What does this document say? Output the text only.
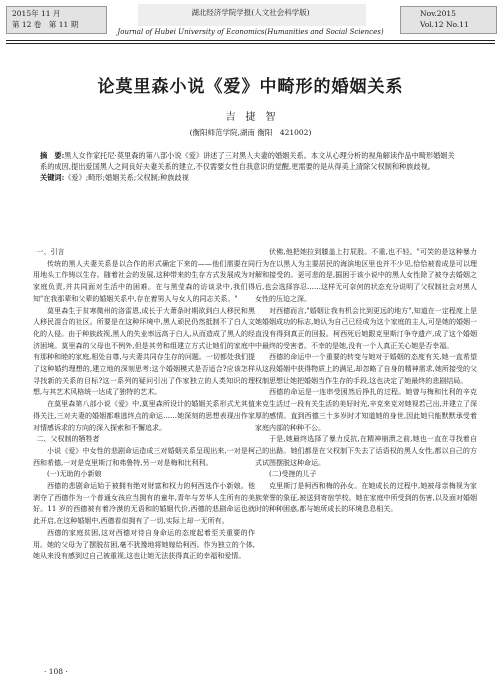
2015年 11 月
第 12 卷　第 11 期
湖北经济学院学报(人文社会科学版)
Journal of Hubei University of Economics(Humanities and Social Sciences)
Nov.2015
Vol.12 No.11
论莫里森小说《爱》中畸形的婚姻关系
吉　捷　智
(衡阳师范学院,湖南 衡阳　421002)

摘　要:黑人女作家托尼·莫里森的第八部小说《爱》讲述了三对黑人夫妻的婚姻关系。本文从心理分析的视角解读作品中畸形婚姻关系的成因,提出爱国黑人之间良好夫妻关系的建立,不仅需要女性自我意识的觉醒,更需要的是从得美上清除父权制和种族歧视。

关键词:《爱》;畸形;婚姻关系;父权制;种族歧视

一、引言

传统的黑人夫妻关系是以合作的形式确定下来的——他们需要在同用地头工作铸以生存。随着社会的发展,这种带来的生存方式发展成为对家庭负责,并共同面对生活中的困难。在与黑莹森的访谈录中,我们得知"在我那辈和父辈的婚姻关系中,存在着男人与女人的同志关系。"

莫里森生于贫寒微州的洛雷恩,成长于大萧条时期欲到白人移民和黑人移民混合的社区。所要是在这种环境中,黑人顽民仍然抵制不了白人文化的人侵。由于种族歧视,黑人的失业率远高于白人,从而造成了黑人的经济困境。莫里森的父母也不例外,但是其劳和组建立方式让她们的家庭中有那种和睦的家庭,相处自尊,与夫妻共同存生存的问题。一切都处我们提了这种婚约理想的,建立地的深刻思考:这个婚姻模式是否适合?应该怎样寻找新的关系的目标?这一系列的疑问引出了作家独立的人类知识的理想,与其艺术风格统一达成了独特的艺术。

在莫里森第八部小说《爱》中,莫里森所设计的婚姻关系形式尤其值得关注,三对夫妻的婚姻都难逃终点的命运……她深刻的思想表现出作家对情感诉求的方向的深入探索和不懈追求。

二、父权制的牺牲者

小说《爱》中女性的悲剧命运造成三对婚姻关系呈现出来,一对是柯西和希德,一对是克里斯汀和弗鲁特,另一对是梅和比利利。

(一)无助的小新娘

西德的悲剧命运始于被拥有绝对财富和权力的柯西选作小新娘。他剥夺了西德作为一个普通女孩应当拥有的童年,青年与芳华人生所有的美好。11 岁的西德被有着冷漠的无语和的婚姻代价,西德的悲剧命运也就此开启,在这种婚姻中,西德看似拥有了一切,实际上却一无所有。

西德的家庭贫困,这对西德对待自身命运的态度起着至关重要的作用。她的父母为了摆脱贫困,毫不犹豫地将她嫁给柯西。作为独立的个体,她从来没有感到过自己被重视,这也让她无法获得真正的幸福和爱情。

伏佛,他把她拉到膝盖上打屁股。不重,也不轻。"可笑的是这种暴力行为在以黑人为主要居民的海滨地区里也并不少见,恰恰被看成是可以理解和接受的。更可悲的是,掘困于该小说中的黑人女性除了被夺去婚姻之后,也会选择容忍……这样无可奈何的状态充分说明了父权制社会对黑人女性的压迫之深。

对西德而言,"婚姻让我有机会比到更远的地方",知道在一定程度上是她婚姻成功的标志,她认为自己已经成为这个家庭的主人,可是她的婚姻一直没有得到真正的回报。柯西死后她跟克里斯汀争夺遗产,成了这个婚姻中最终的受害者。不幸的是她,没有一个人真正关心她是否幸福。

西德的命运中一个重要的转变与她对于婚姻的态度有关,她一直希望从这段婚姻中获得物质上的满足,却忽略了自身的精神需求,她所接受的父权制思想让她把婚姻当作生存的手段,这也决定了她最终的悲剧结局。

西德的命运是一连串受困然后挣扎的过程。她曾与梅和比利的辛克来克生活过一段有关生活的美好时光,辛克来克对她视若己出,并建立了深厚的感情。直到西德三十多岁时才知道她的身世,因此她只能默默承受着家庭内部的种种不公。

于是,她最终选择了暴力反抗,在精神崩溃之前,她也一直在寻找着自己的出路。她们都是在父权制下失去了话语权的黑人女性,都以自己的方式试图摆脱这种命运。

(二)受挫的儿子

克里斯汀是柯西和梅的孙女。在她成长的过程中,她被母亲梅视为家族荣誉的象征,被送到寄宿学校。她在家庭中所受到的伤害,以及面对婚姻时的种种困惑,都与她所成长的环境息息相关。

· 108 ·
